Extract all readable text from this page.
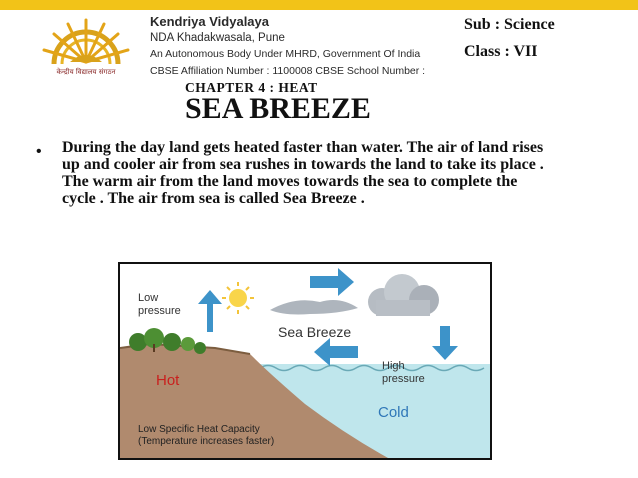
केन्द्रीय विद्यालय संगठन
Kendriya Vidyalaya
NDA Khadakwasala, Pune
An Autonomous Body Under MHRD, Government Of India
CBSE Affiliation Number : 1100008 CBSE School Number :
Sub : Science
Class : VII
CHAPTER 4 : HEAT
SEA BREEZE
• During the day land gets heated faster than water. The air of land rises up and cooler air from sea rushes in towards the land to take its place . The warm air from the land moves towards the sea to complete the cycle . The air from sea is called Sea Breeze .
Low
pressure
High
pressure
Sea Breeze
Hot
Cold
Low Specific Heat Capacity
(Temperature increases faster)
